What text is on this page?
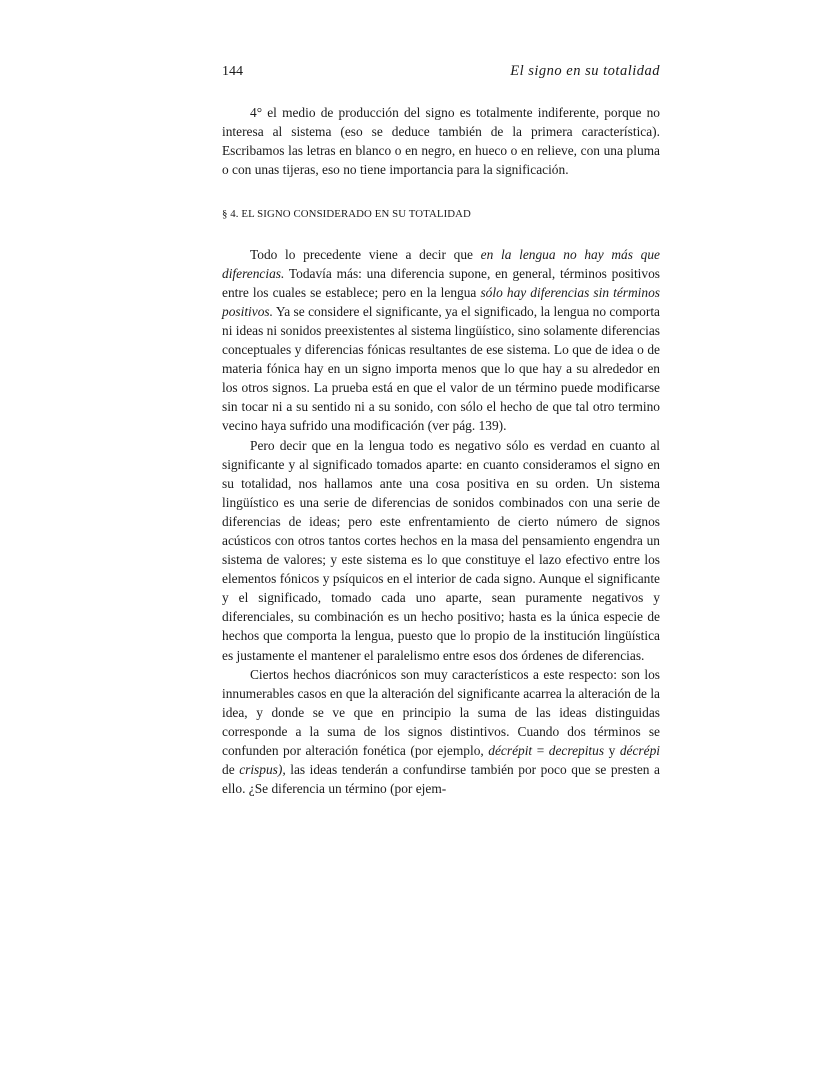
144	El signo en su totalidad

4° el medio de producción del signo es totalmente indiferente, porque no interesa al sistema (eso se deduce también de la primera característica). Escribamos las letras en blanco o en negro, en hueco o en relieve, con una pluma o con unas tijeras, eso no tiene importancia para la significación.

§ 4. EL SIGNO CONSIDERADO EN SU TOTALIDAD

Todo lo precedente viene a decir que en la lengua no hay más que diferencias. Todavía más: una diferencia supone, en general, términos positivos entre los cuales se establece; pero en la lengua sólo hay diferencias sin términos positivos. Ya se considere el significante, ya el significado, la lengua no comporta ni ideas ni sonidos preexistentes al sistema lingüístico, sino solamente diferencias conceptuales y diferencias fónicas resultantes de ese sistema. Lo que de idea o de materia fónica hay en un signo importa menos que lo que hay a su alrededor en los otros signos. La prueba está en que el valor de un término puede modificarse sin tocar ni a su sentido ni a su sonido, con sólo el hecho de que tal otro termino vecino haya sufrido una modificación (ver pág. 139).

Pero decir que en la lengua todo es negativo sólo es verdad en cuanto al significante y al significado tomados aparte: en cuanto consideramos el signo en su totalidad, nos hallamos ante una cosa positiva en su orden. Un sistema lingüístico es una serie de diferencias de sonidos combinados con una serie de diferencias de ideas; pero este enfrentamiento de cierto número de signos acústicos con otros tantos cortes hechos en la masa del pensamiento engendra un sistema de valores; y este sistema es lo que constituye el lazo efectivo entre los elementos fónicos y psíquicos en el interior de cada signo. Aunque el significante y el significado, tomado cada uno aparte, sean puramente negativos y diferenciales, su combinación es un hecho positivo; hasta es la única especie de hechos que comporta la lengua, puesto que lo propio de la institución lingüística es justamente el mantener el paralelismo entre esos dos órdenes de diferencias.

Ciertos hechos diacrónicos son muy característicos a este respecto: son los innumerables casos en que la alteración del significante acarrea la alteración de la idea, y donde se ve que en principio la suma de las ideas distinguidas corresponde a la suma de los signos distintivos. Cuando dos términos se confunden por alteración fonética (por ejemplo, décrépit = decrepitus y décrépi de crispus), las ideas tenderán a confundirse también por poco que se presten a ello. ¿Se diferencia un término (por ejem-
